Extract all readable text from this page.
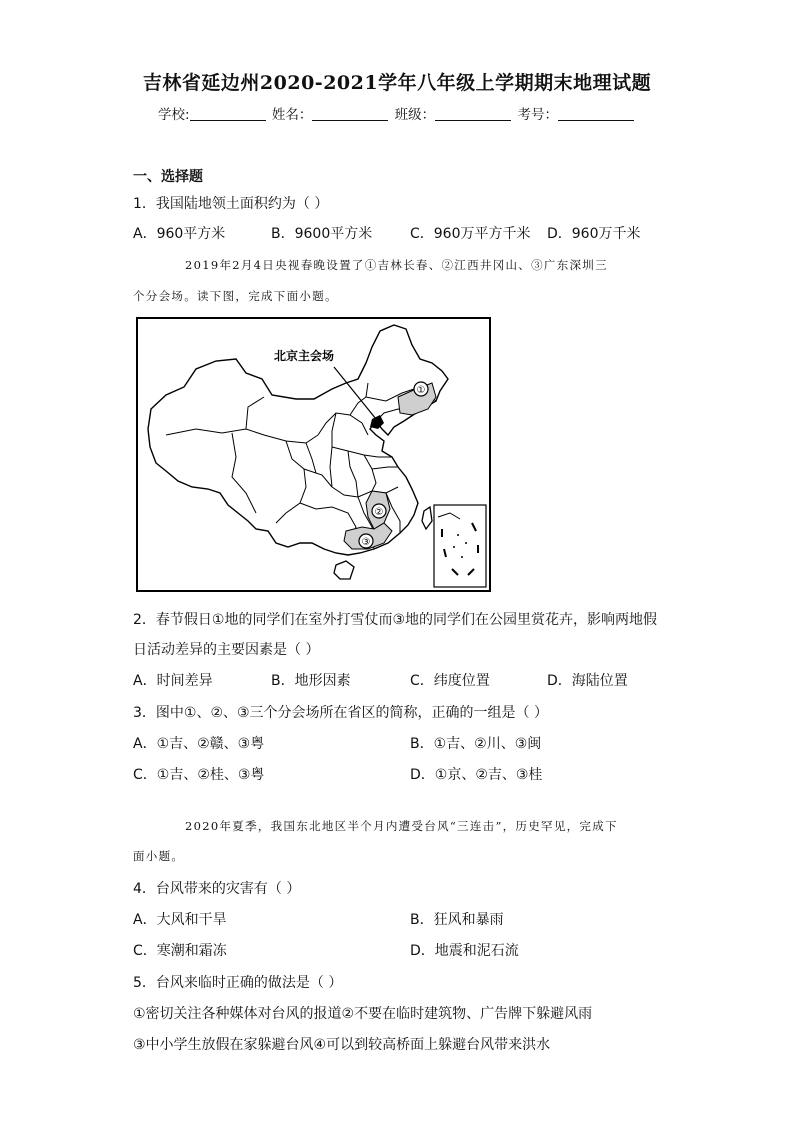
吉林省延边州2020-2021学年八年级上学期期末地理试题
学校:	姓名：	班级：	考号：
一、选择题
1．我国陆地领土面积约为（ ）
A．960平方米	B．9600平方米	C．960万平方千米 D．960万千米
2019年2月4日央视春晚设置了①吉林长春、②江西井冈山、③广东深圳三
个分会场。读下图，完成下面小题。
北京主会场
①
②
③
2．春节假日①地的同学们在室外打雪仗而③地的同学们在公园里赏花卉，影响两地假
日活动差异的主要因素是（ ）
A．时间差异	B．地形因素	C．纬度位置	D．海陆位置
3．图中①、②、③三个分会场所在省区的简称，正确的一组是（ ）
A．①吉、②赣、③粤	B．①吉、②川、③闽
C．①吉、②桂、③粤	D．①京、②吉、③桂
2020年夏季，我国东北地区半个月内遭受台风“三连击”，历史罕见，完成下
面小题。
4．台风带来的灾害有（ ）
A．大风和干旱	B．狂风和暴雨
C．寒潮和霜冻	D．地震和泥石流
5．台风来临时正确的做法是（ ）
①密切关注各种媒体对台风的报道②不要在临时建筑物、广告牌下躲避风雨
③中小学生放假在家躲避台风④可以到较高桥面上躲避台风带来洪水
